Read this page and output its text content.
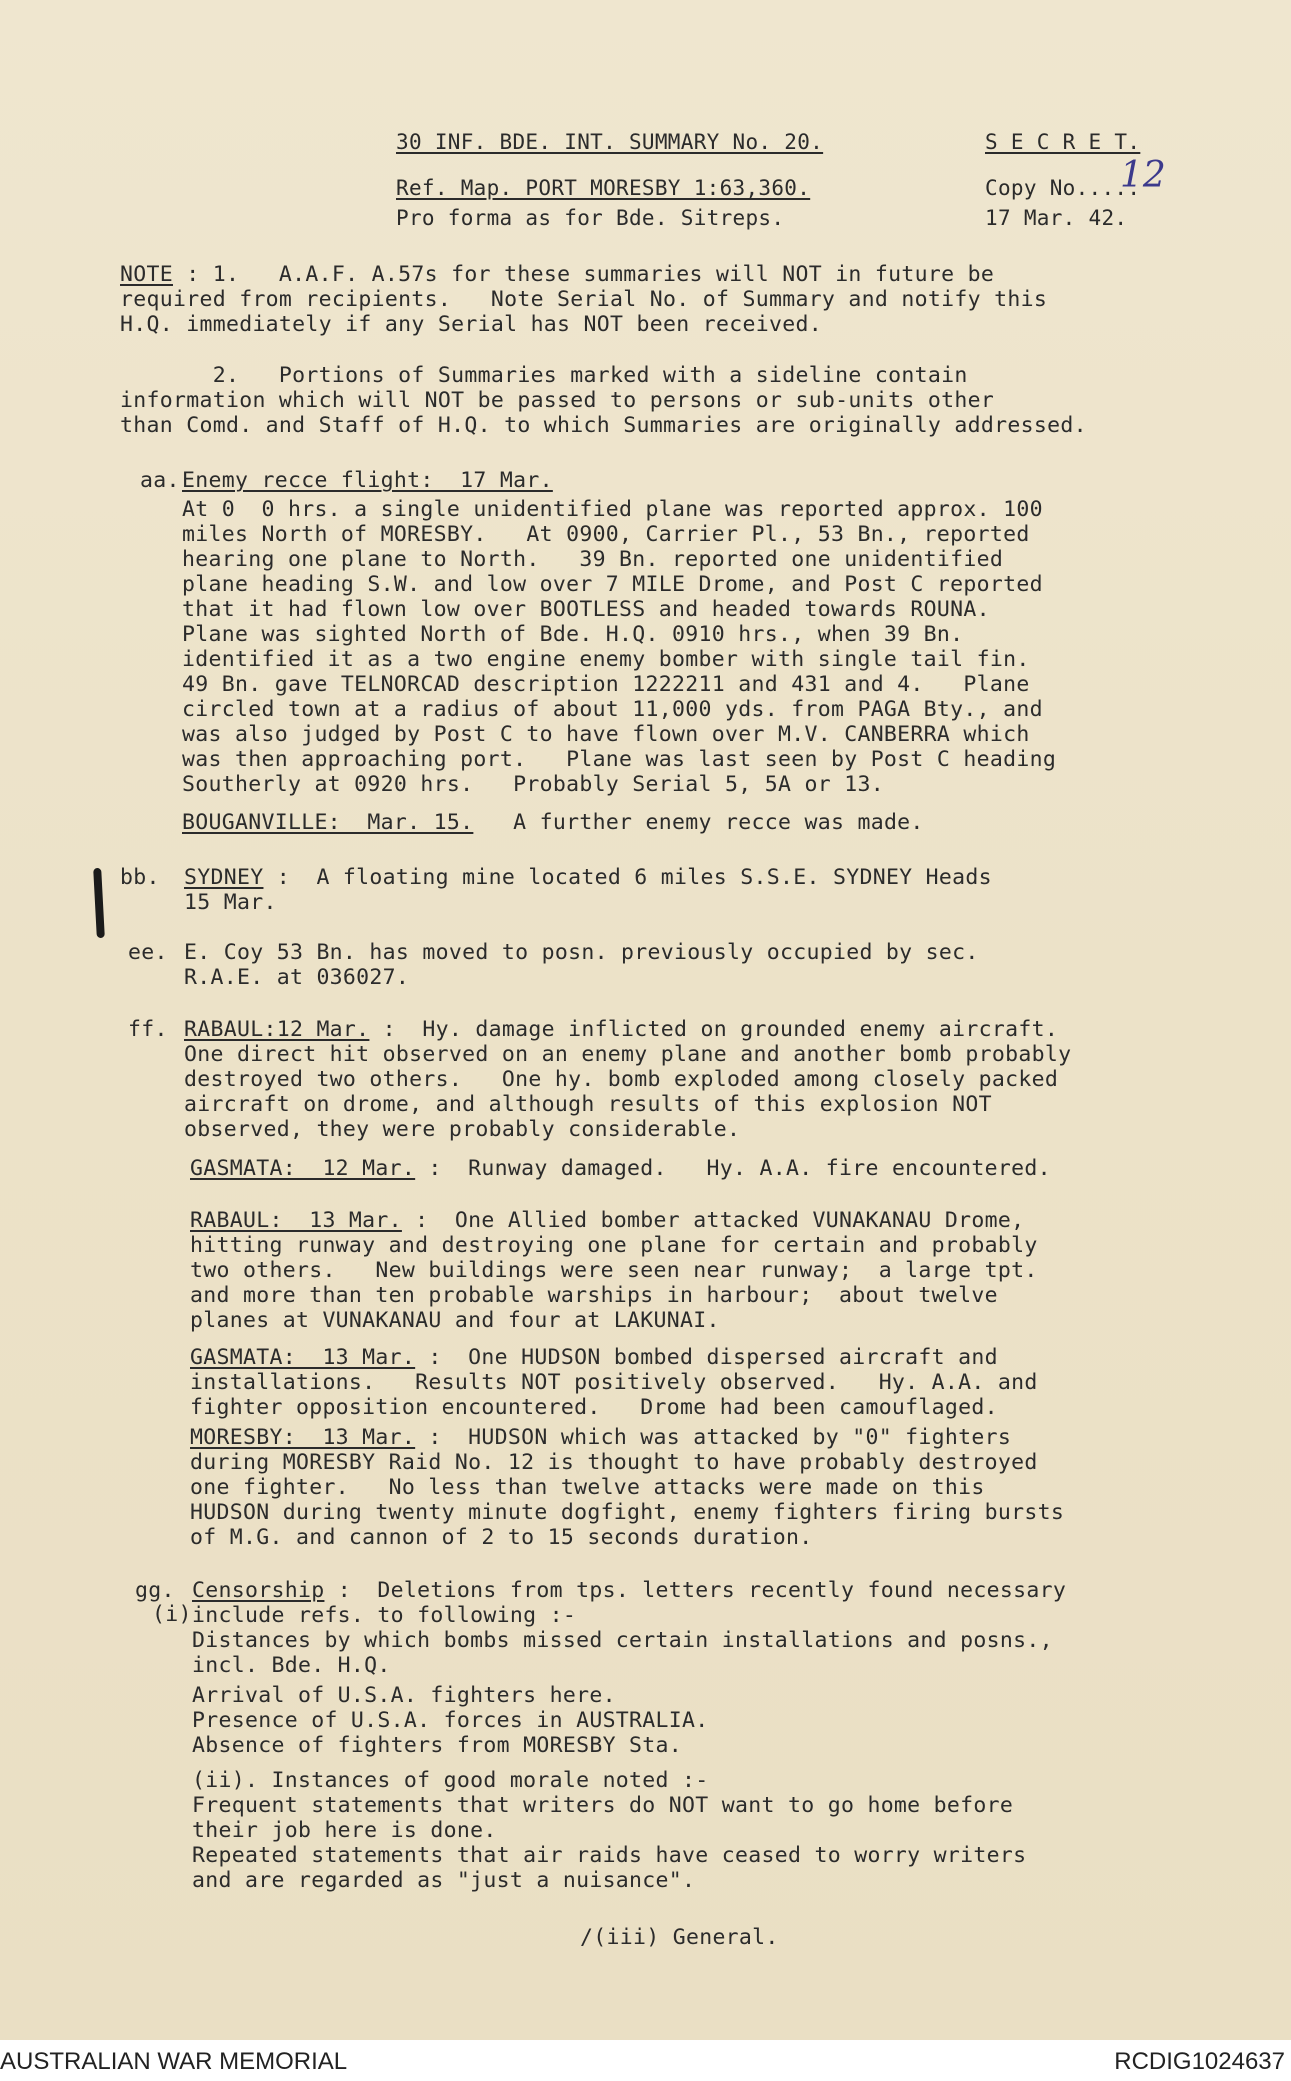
30 INF. BDE. INT. SUMMARY No. 20.	S E C R E T.
Ref. Map. PORT MORESBY 1:63,360.	Copy No.....
12
Pro forma as for Bde. Sitreps.	17 Mar. 42.
NOTE : 1.   A.A.F. A.57s for these summaries will NOT in future be
required from recipients.   Note Serial No. of Summary and notify this
H.Q. immediately if any Serial has NOT been received.
2.   Portions of Summaries marked with a sideline contain
information which will NOT be passed to persons or sub-units other
than Comd. and Staff of H.Q. to which Summaries are originally addressed.
aa. Enemy recce flight:  17 Mar.
At 0  0 hrs. a single unidentified plane was reported approx. 100
miles North of MORESBY.   At 0900, Carrier Pl., 53 Bn., reported
hearing one plane to North.   39 Bn. reported one unidentified
plane heading S.W. and low over 7 MILE Drome, and Post C reported
that it had flown low over BOOTLESS and headed towards ROUNA.
Plane was sighted North of Bde. H.Q. 0910 hrs., when 39 Bn.
identified it as a two engine enemy bomber with single tail fin.
49 Bn. gave TELNORCAD description 1222211 and 431 and 4.   Plane
circled town at a radius of about 11,000 yds. from PAGA Bty., and
was also judged by Post C to have flown over M.V. CANBERRA which
was then approaching port.   Plane was last seen by Post C heading
Southerly at 0920 hrs.   Probably Serial 5, 5A or 13.
BOUGANVILLE:  Mar. 15.   A further enemy recce was made.
bb. SYDNEY :  A floating mine located 6 miles S.S.E. SYDNEY Heads
15 Mar.
ee. E. Coy 53 Bn. has moved to posn. previously occupied by sec.
R.A.E. at 036027.
ff. RABAUL:12 Mar. :  Hy. damage inflicted on grounded enemy aircraft.
One direct hit observed on an enemy plane and another bomb probably
destroyed two others.   One hy. bomb exploded among closely packed
aircraft on drome, and although results of this explosion NOT
observed, they were probably considerable.
GASMATA:  12 Mar. :  Runway damaged.   Hy. A.A. fire encountered.
RABAUL:  13 Mar. :  One Allied bomber attacked VUNAKANAU Drome,
hitting runway and destroying one plane for certain and probably
two others.   New buildings were seen near runway;  a large tpt.
and more than ten probable warships in harbour;  about twelve
planes at VUNAKANAU and four at LAKUNAI.
GASMATA:  13 Mar. :  One HUDSON bombed dispersed aircraft and
installations.   Results NOT positively observed.   Hy. A.A. and
fighter opposition encountered.   Drome had been camouflaged.
MORESBY:  13 Mar. :  HUDSON which was attacked by "0" fighters
during MORESBY Raid No. 12 is thought to have probably destroyed
one fighter.   No less than twelve attacks were made on this
HUDSON during twenty minute dogfight, enemy fighters firing bursts
of M.G. and cannon of 2 to 15 seconds duration.
gg.
(i)
Censorship :  Deletions from tps. letters recently found necessary
include refs. to following :-
Distances by which bombs missed certain installations and posns.,
incl. Bde. H.Q.
Arrival of U.S.A. fighters here.
Presence of U.S.A. forces in AUSTRALIA.
Absence of fighters from MORESBY Sta.
(ii). Instances of good morale noted :-
Frequent statements that writers do NOT want to go home before
their job here is done.
Repeated statements that air raids have ceased to worry writers
and are regarded as "just a nuisance".
/(iii) General.
AUSTRALIAN WAR MEMORIAL	RCDIG1024637
